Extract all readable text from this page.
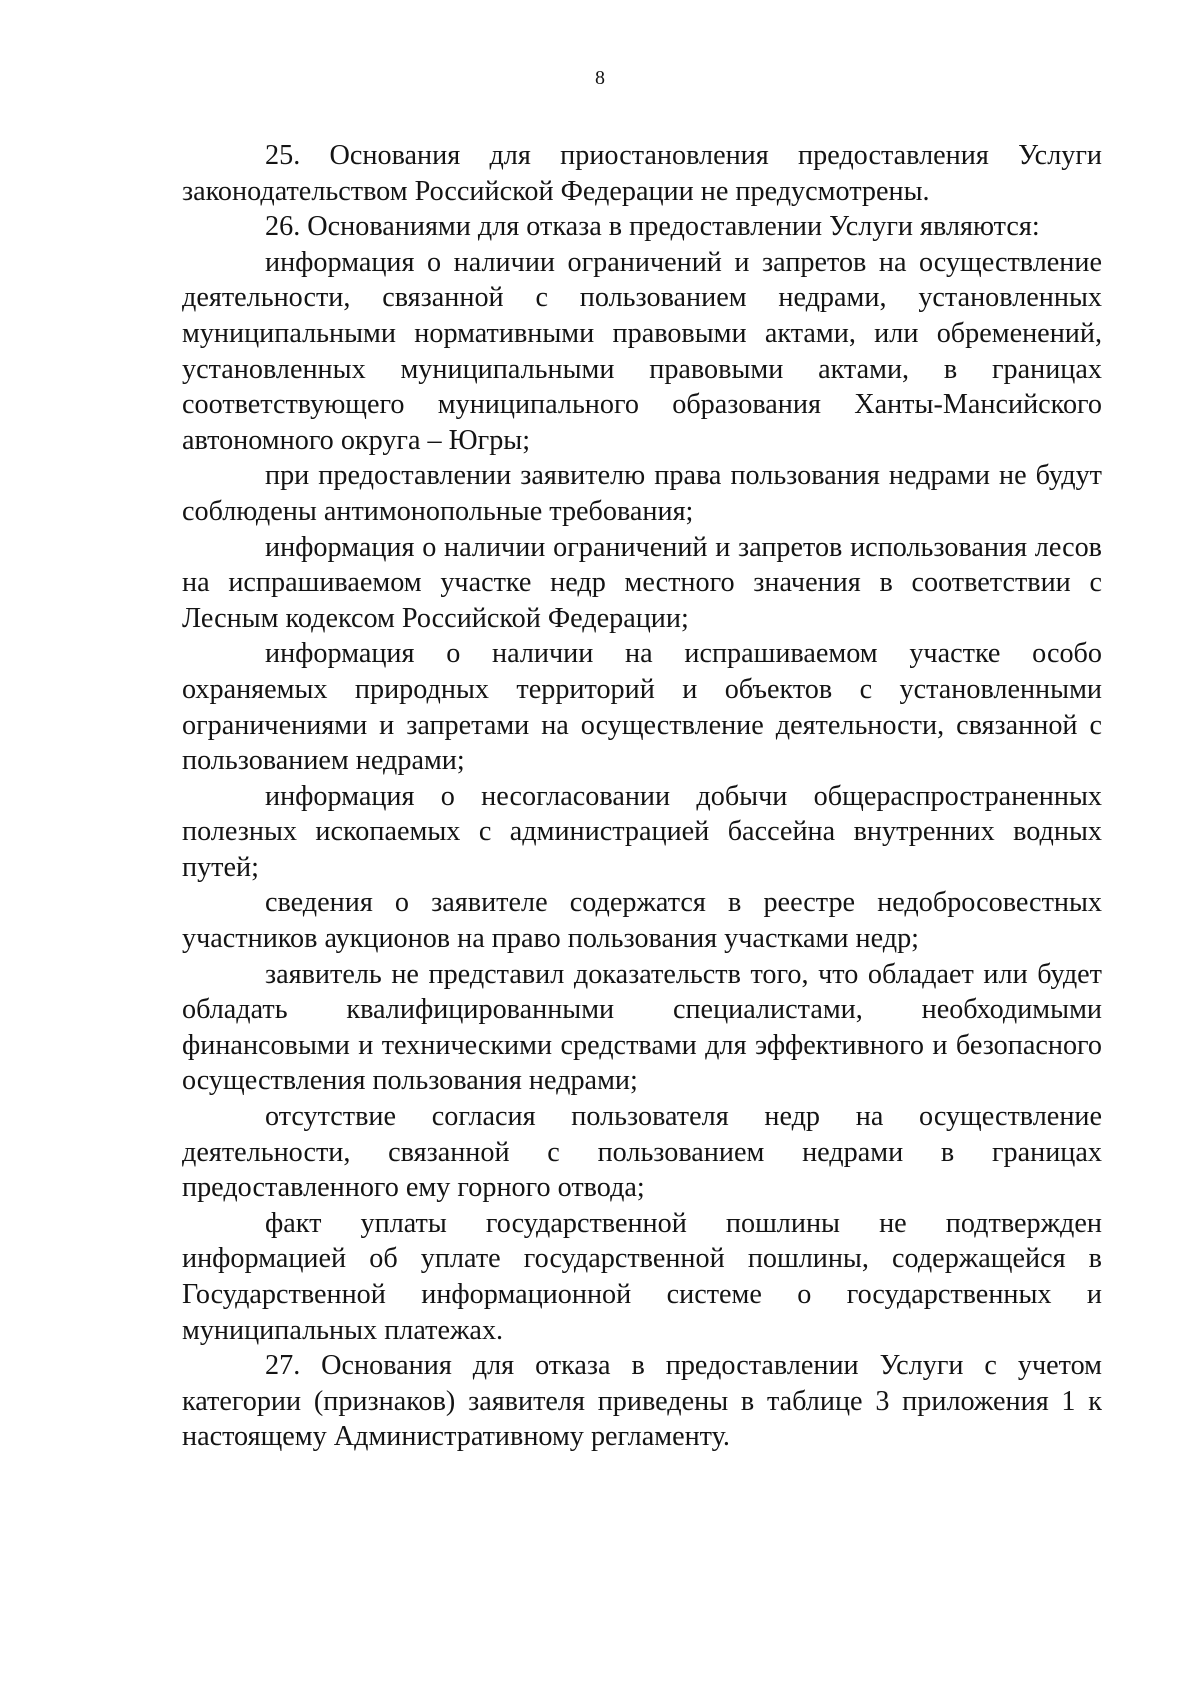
8

25. Основания для приостановления предоставления Услуги законодательством Российской Федерации не предусмотрены.

26. Основаниями для отказа в предоставлении Услуги являются:

информация о наличии ограничений и запретов на осуществление деятельности, связанной с пользованием недрами, установленных муниципальными нормативными правовыми актами, или обременений, установленных муниципальными правовыми актами, в границах соответствующего муниципального образования Ханты-Мансийского автономного округа – Югры;

при предоставлении заявителю права пользования недрами не будут соблюдены антимонопольные требования;

информация о наличии ограничений и запретов использования лесов на испрашиваемом участке недр местного значения в соответствии с Лесным кодексом Российской Федерации;

информация о наличии на испрашиваемом участке особо охраняемых природных территорий и объектов с установленными ограничениями и запретами на осуществление деятельности, связанной с пользованием недрами;

информация о несогласовании добычи общераспространенных полезных ископаемых с администрацией бассейна внутренних водных путей;

сведения о заявителе содержатся в реестре недобросовестных участников аукционов на право пользования участками недр;

заявитель не представил доказательств того, что обладает или будет обладать квалифицированными специалистами, необходимыми финансовыми и техническими средствами для эффективного и безопасного осуществления пользования недрами;

отсутствие согласия пользователя недр на осуществление деятельности, связанной с пользованием недрами в границах предоставленного ему горного отвода;

факт уплаты государственной пошлины не подтвержден информацией об уплате государственной пошлины, содержащейся в Государственной информационной системе о государственных и муниципальных платежах.

27. Основания для отказа в предоставлении Услуги с учетом категории (признаков) заявителя приведены в таблице 3 приложения 1 к настоящему Административному регламенту.
